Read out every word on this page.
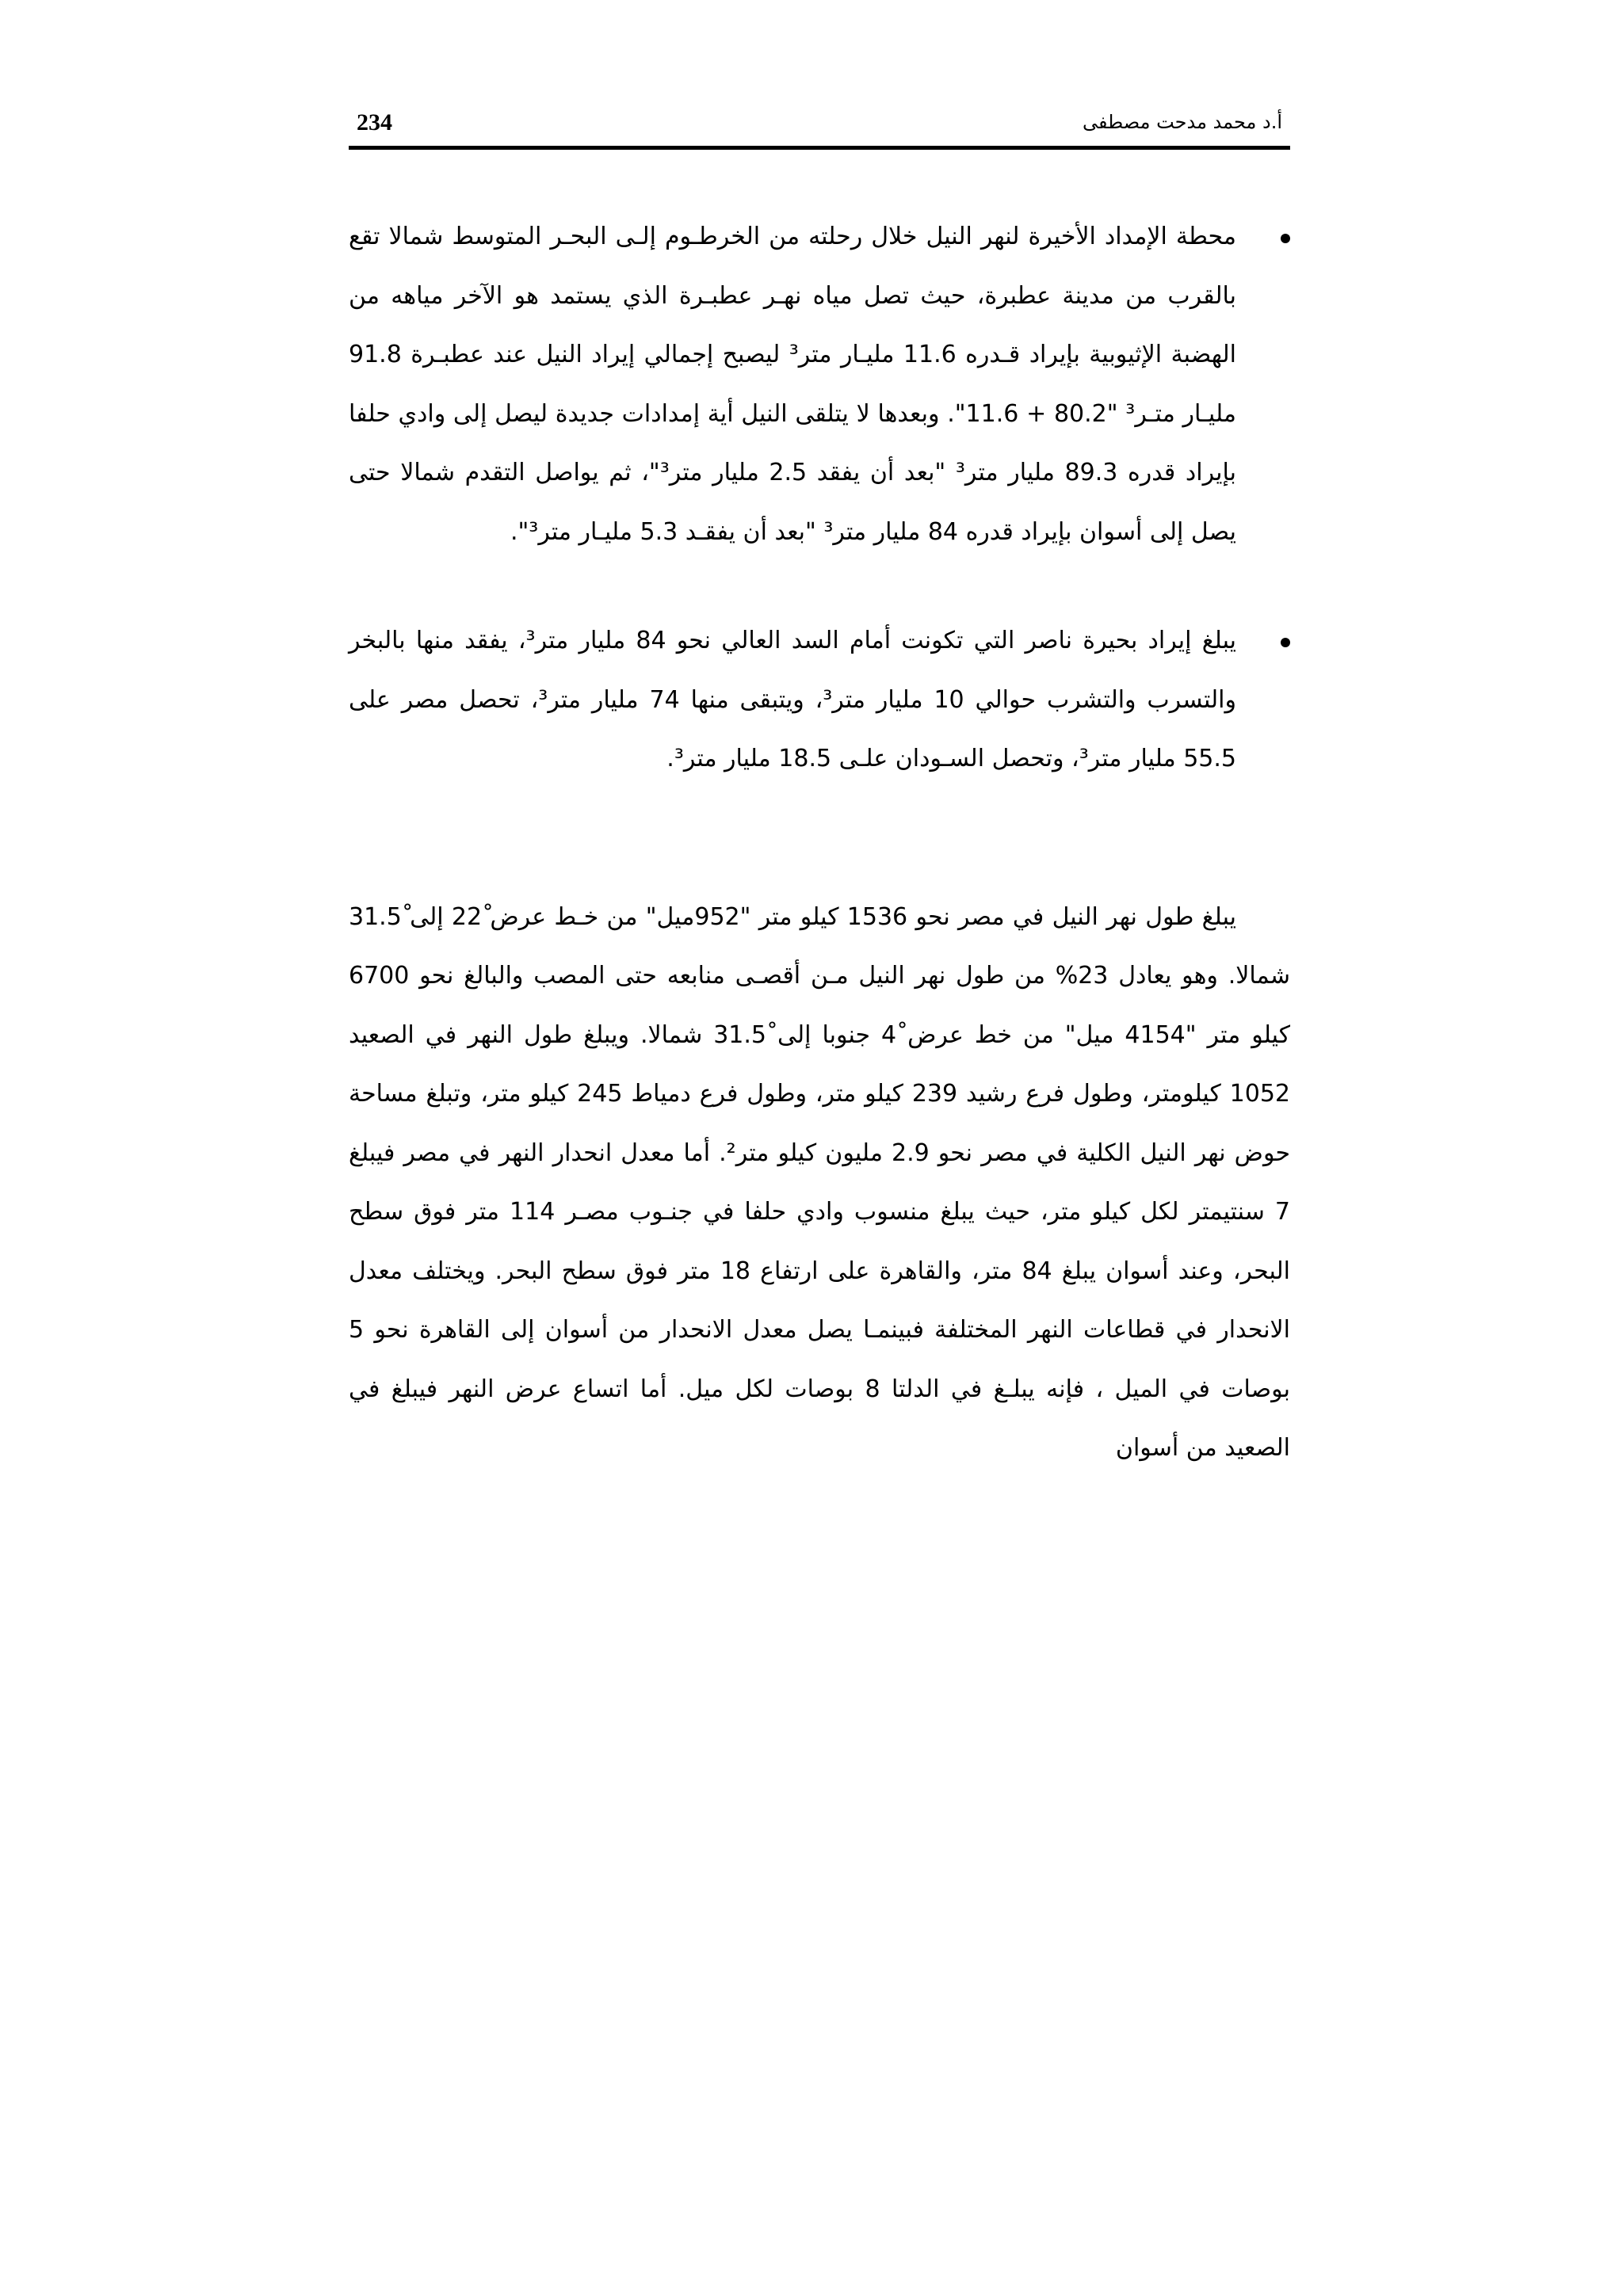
234	أ.د محمد مدحت مصطفى
محطة الإمداد الأخيرة لنهر النيل خلال رحلته من الخرطـوم إلـى البحـر المتوسط شمالا تقع بالقرب من مدينة عطبرة، حيث تصل مياه نهـر عطبـرة الذي يستمد هو الآخر مياهه من الهضبة الإثيوبية بإيراد قـدره 11.6 مليـار متر³ ليصبح إجمالي إيراد النيل عند عطبـرة 91.8 مليـار متـر³ "80.2 + 11.6". وبعدها لا يتلقى النيل أية إمدادات جديدة ليصل إلى وادي حلفا بإيراد قدره 89.3 مليار متر³ "بعد أن يفقد 2.5 مليار متر³"، ثم يواصل التقدم شمالا حتى يصل إلى أسوان بإيراد قدره 84 مليار متر³ "بعد أن يفقـد 5.3 مليـار متر³".
يبلغ إيراد بحيرة ناصر التي تكونت أمام السد العالي نحو 84 مليار متر³، يفقد منها بالبخر والتسرب والتشرب حوالي 10 مليار متر³، ويتبقى منها 74 مليار متر³، تحصل مصر على 55.5 مليار متر³، وتحصل السـودان علـى 18.5 مليار متر³.

يبلغ طول نهر النيل في مصر نحو 1536 كيلو متر "952ميل" من خـط عرض 22ْ إلى 31.5ْ شمالا. وهو يعادل 23% من طول نهر النيل مـن أقصـى منابعه حتى المصب والبالغ نحو 6700 كيلو متر "4154 ميل" من خط عرض 4ْ جنوبا إلى 31.5ْ شمالا. ويبلغ طول النهر في الصعيد 1052 كيلومتر، وطول فرع رشيد 239 كيلو متر، وطول فرع دمياط 245 كيلو متر، وتبلغ مساحة حوض نهر النيل الكلية في مصر نحو 2.9 مليون كيلو متر². أما معدل انحدار النهر في مصر فيبلغ 7 سنتيمتر لكل كيلو متر، حيث يبلغ منسوب وادي حلفا في جنـوب مصـر 114 متر فوق سطح البحر، وعند أسوان يبلغ 84 متر، والقاهرة على ارتفاع 18 متر فوق سطح البحر. ويختلف معدل الانحدار في قطاعات النهر المختلفة فبينمـا يصل معدل الانحدار من أسوان إلى القاهرة نحو 5 بوصات في الميل ، فإنه يبلـغ في الدلتا 8 بوصات لكل ميل. أما اتساع عرض النهر فيبلغ في الصعيد من أسوان
